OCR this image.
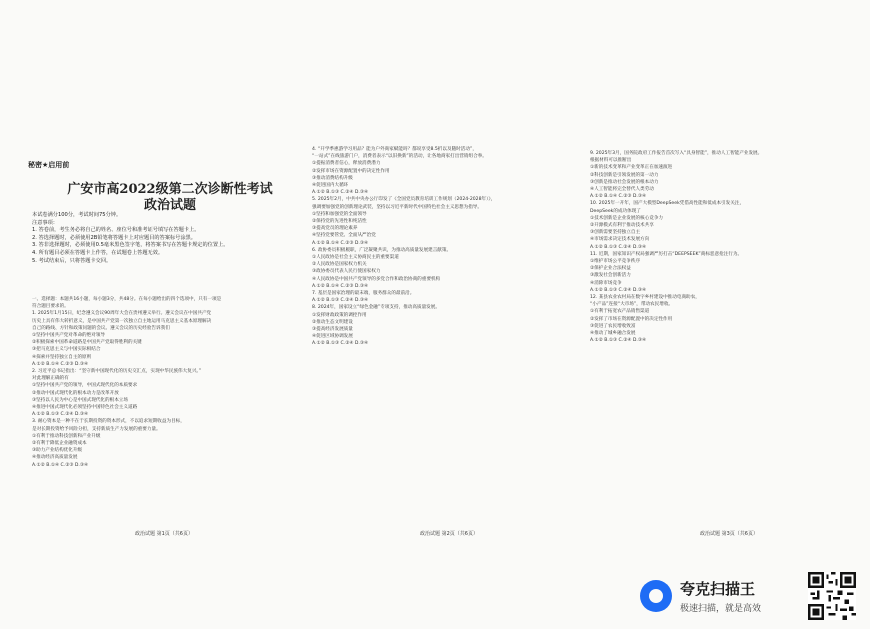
秘密★启用前
广安市高2022级第二次诊断性考试
政治试题
本试卷满分100分，考试时间75分钟。
注意事项：
1. 答卷前，考生务必将自己的姓名、座位号和准考证号填写在答题卡上。
2. 答选择题时，必须使用2B铅笔将答题卡上对应题目的答案标号涂黑。
3. 答非选择题时，必须使用0.5毫米黑色签字笔，将答案书写在答题卡规定的位置上。
4. 所有题目必须在答题卡上作答，在试题卷上答题无效。
5. 考试结束后，只将答题卡交回。
一、选择题：本题共16小题，每小题3分，共48分。在每小题给出的四个选项中，只有一项是
符合题目要求的。
1. 2025年1月15日，纪念遵义会议90周年大会在贵州遵义举行。遵义会议在中国共产党
历史上具有伟大转折意义，是中国共产党第一次独立自主地运用马克思主义基本原理解决
自己的路线、方针和政策问题的会议。遵义会议的历史经验告诉我们
①坚持中国共产党对革命的绝对领导
②积极探索中国革命道路是中国共产党取得胜利的关键
③把马克思主义与中国实际相结合
④探索并坚持独立自主的原则
A.①② B.①④ C.②③ D.③④
2. 习近平总书记指出：“坚守新中国现代化的历史交汇点，实现中华民族伟大复兴。”
对此理解正确的有
①坚持中国共产党的领导，中国式现代化的本质要求
②推动中国式现代化的根本动力是改革开放
③坚持以人民为中心是中国式现代化的根本立场
④推进中国式现代化必须坚持中国特色社会主义道路
A.①② B.①③ C.②④ D.③④
3. 耐心资本是一种不在于长期投资的资本形式，不以追求短期收益为目标，
是对长期投资给予风险分担，支持新质生产力发展的重要力量。
①有利于推动科技创新和产业升级
②有利于降低企业融资成本
③助力产业结构优化升级
④推动经济高质量发展
A.①② B.①④ C.②③ D.③④
4. “开学季惠游学习用品？能为户外商家赋能吗？都说享受8.5折以及随时活动”，
“一站式”在线旅游门户，消费者表示“以旧换新”的活动，让各地商家打出营销组合拳。
①提振消费者信心，释放消费潜力
②发挥市场在资源配置中的决定性作用
③推动消费结构升级
④促进国内大循环
A.①② B.①③ C.②④ D.③④
5. 2025年2月，中共中央办公厅印发了《全国党员教育培训工作规划（2024-2028年）》，
强调要加强党的创新理论武装，坚持以习近平新时代中国特色社会主义思想为指导。
①坚持和加强党的全面领导
②保持党的先进性和纯洁性
③提高党员的理论素养
④坚持党要管党、全面从严治党
A.①② B.①④ C.②③ D.③④
6. 政协委员积极履职，广泛凝聚共识，为推动高质量发展建言献策。
①人民政协是社会主义协商民主的重要渠道
②人民政协是国家权力机关
③政协委员代表人民行使国家权力
④人民政协是中国共产党领导的多党合作和政治协商的重要机构
A.①② B.①④ C.②③ D.③④
7. 基层是国家治理的最末端，服务群众的最前沿。
A.①② B.①③ C.②④ D.③④
8. 2024年，国家设立“绿色金融”专项支持，推动高质量发展。
①发挥财政政策的调控作用
②推动生态文明建设
③提高经济发展质量
④促进区域协调发展
A.①② B.①③ C.②④ D.③④
9. 2025年3月，国务院政府工作报告首次写入“具身智能”，推动人工智能产业发展。
根据材料可以推断出
①新的技术变革和产业变革正在加速演进
②科技创新是引领发展的第一动力
③创新是推动社会发展的根本动力
④人工智能将完全替代人类劳动
A.①② B.①④ C.②③ D.③④
10. 2025年一开年，国产大模型DeepSeek凭借高性能和低成本引发关注，
DeepSeek的成功体现了
①技术创新是企业发展的核心竞争力
②开源模式有利于推动技术共享
③创新需要坚持独立自主
④市场需求决定技术发展方向
A.①② B.①③ C.②④ D.③④
11. 近期，国家知识产权局强调严厉打击“DEEPSEEK”商标恶意抢注行为。
①维护市场公平竞争秩序
②保护企业合法权益
③激发社会创新活力
④消除市场竞争
A.①② B.①③ C.②④ D.③④
12. 某县农业农村局在数字乡村建设中推动电商助农，
“小产品”连接“大市场”，带动农民增收。
①有利于拓宽农产品销售渠道
②发挥了市场在资源配置中的决定性作用
③促进了农民增收致富
④推动了城乡融合发展
A.①② B.①③ C.②④ D.③④
政治试题 第1页（共6页）	政治试题 第2页（共6页）	政治试题 第3页（共6页）
夸克扫描王
极速扫描，就是高效
